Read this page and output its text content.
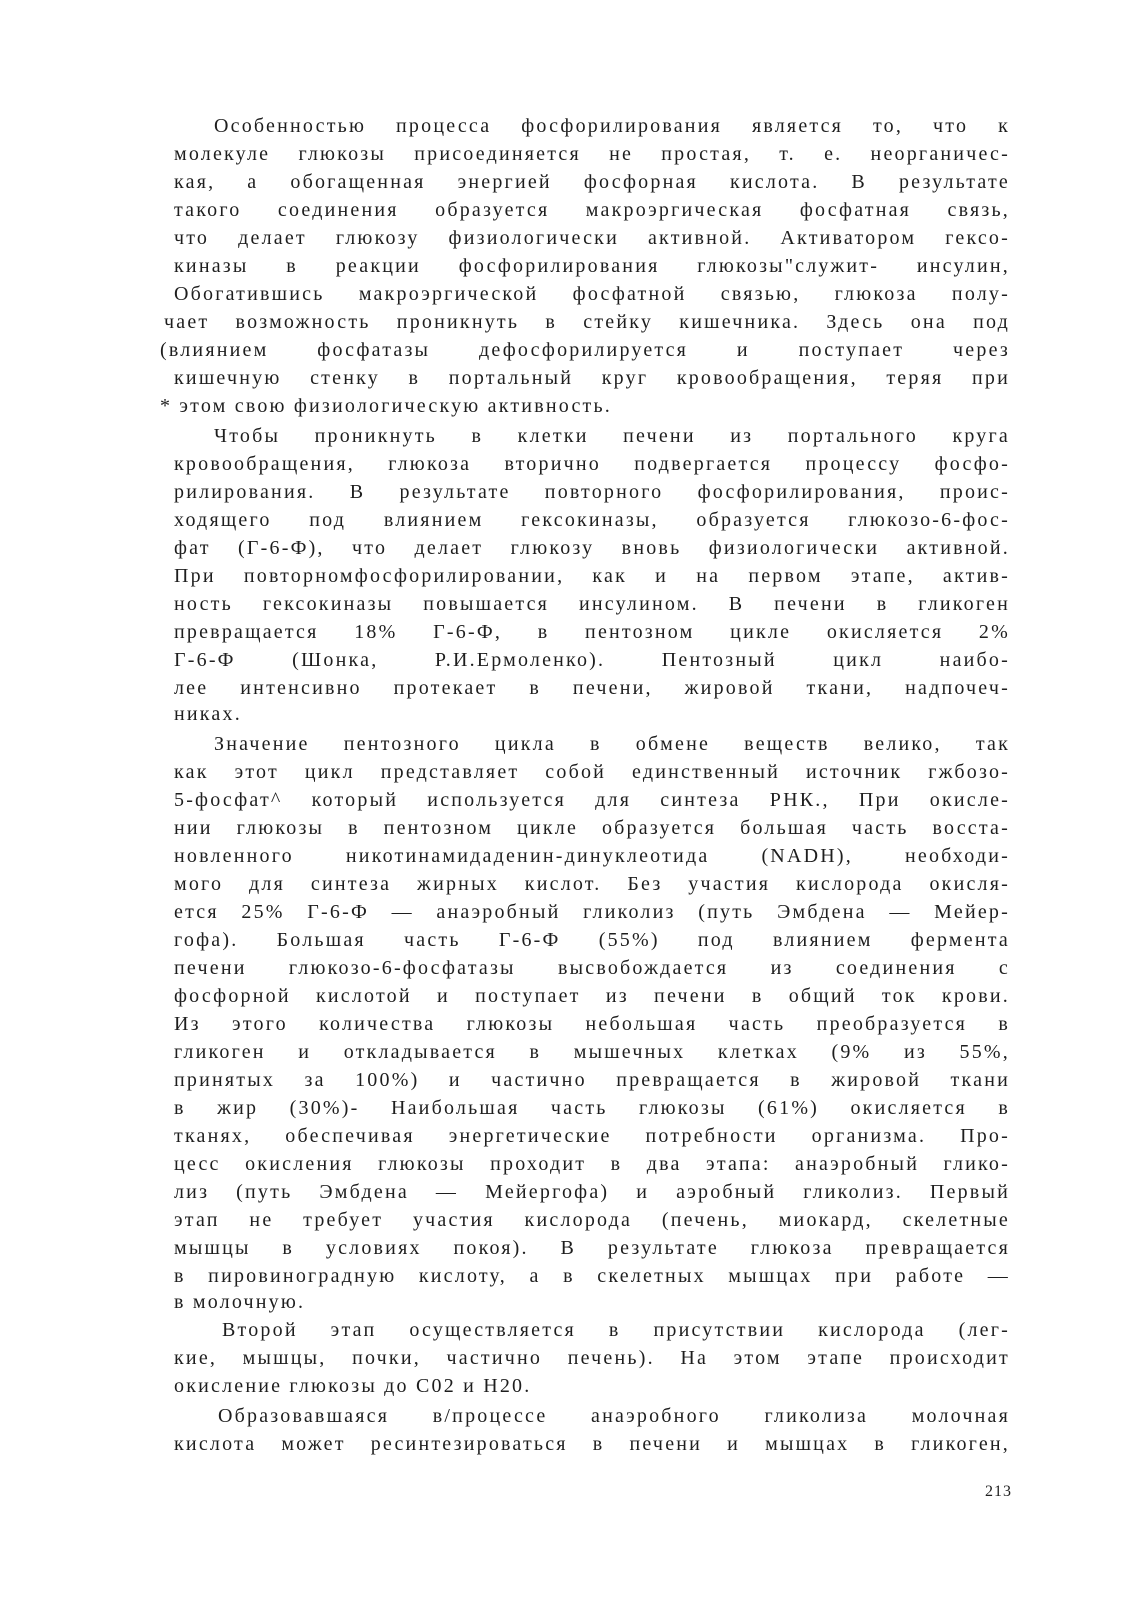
Особенностью процесса фосфорилирования является то, что к
молекуле глюкозы присоединяется не простая, т. е. неорганичес-
кая, а обогащенная энергией фосфорная кислота. В результате
такого соединения образуется макроэргическая фосфатная связь,
что делает глюкозу физиологически активной. Активатором гексо-
киназы в реакции фосфорилирования глюкозы"служит- инсулин,
Обогатившись макроэргической фосфатной связью, глюкоза полу-
чает возможность проникнуть в стейку кишечника. Здесь она под
(влиянием фосфатазы дефосфорилируется и поступает через
кишечную стенку в портальный круг кровообращения, теряя при
* этом свою физиологическую активность.
Чтобы проникнуть в клетки печени из портального круга
кровообращения, глюкоза вторично подвергается процессу фосфо-
рилирования. В результате повторного фосфорилирования, проис-
ходящего под влиянием гексокиназы, образуется глюкозо-6-фос-
фат (Г-6-Ф), что делает глюкозу вновь физиологически активной.
При повторномфосфорилировании, как и на первом этапе, актив-
ность гексокиназы повышается инсулином. В печени в гликоген
превращается 18% Г-6-Ф, в пентозном цикле окисляется 2%
Г-6-Ф (Шонка, Р.И.Ермоленко). Пентозный цикл наибо-
лее интенсивно протекает в печени, жировой ткани, надпочеч-
никах.
Значение пентозного цикла в обмене веществ велико, так
как этот цикл представляет собой единственный источник гжбозо-
5-фосфат^ который используется для синтеза РНК., При окисле-
нии глюкозы в пентозном цикле образуется большая часть восста-
новленного никотинамидаденин-динуклеотида (NADH), необходи-
мого для синтеза жирных кислот. Без участия кислорода окисля-
ется 25% Г-6-Ф — анаэробный гликолиз (путь Эмбдена — Мейер-
гофа). Большая часть Г-6-Ф (55%) под влиянием фермента
печени глюкозо-6-фосфатазы высвобождается из соединения с
фосфорной кислотой и поступает из печени в общий ток крови.
Из этого количества глюкозы небольшая часть преобразуется в
гликоген и откладывается в мышечных клетках (9% из 55%,
принятых за 100%) и частично превращается в жировой ткани
в жир (30%)- Наибольшая часть глюкозы (61%) окисляется в
тканях, обеспечивая энергетические потребности организма. Про-
цесс окисления глюкозы проходит в два этапа: анаэробный глико-
лиз (путь Эмбдена — Мейергофа) и аэробный гликолиз. Первый
этап не требует участия кислорода (печень, миокард, скелетные
мышцы в условиях покоя). В результате глюкоза превращается
в пировиноградную кислоту, а в скелетных мышцах при работе —
в молочную.
Второй этап осуществляется в присутствии кислорода (лег-
кие, мышцы, почки, частично печень). На этом этапе происходит
окисление глюкозы до С02 и Н20.
Образовавшаяся в/процессе анаэробного гликолиза молочная
кислота может ресинтезироваться в печени и мышцах в гликоген,
213
